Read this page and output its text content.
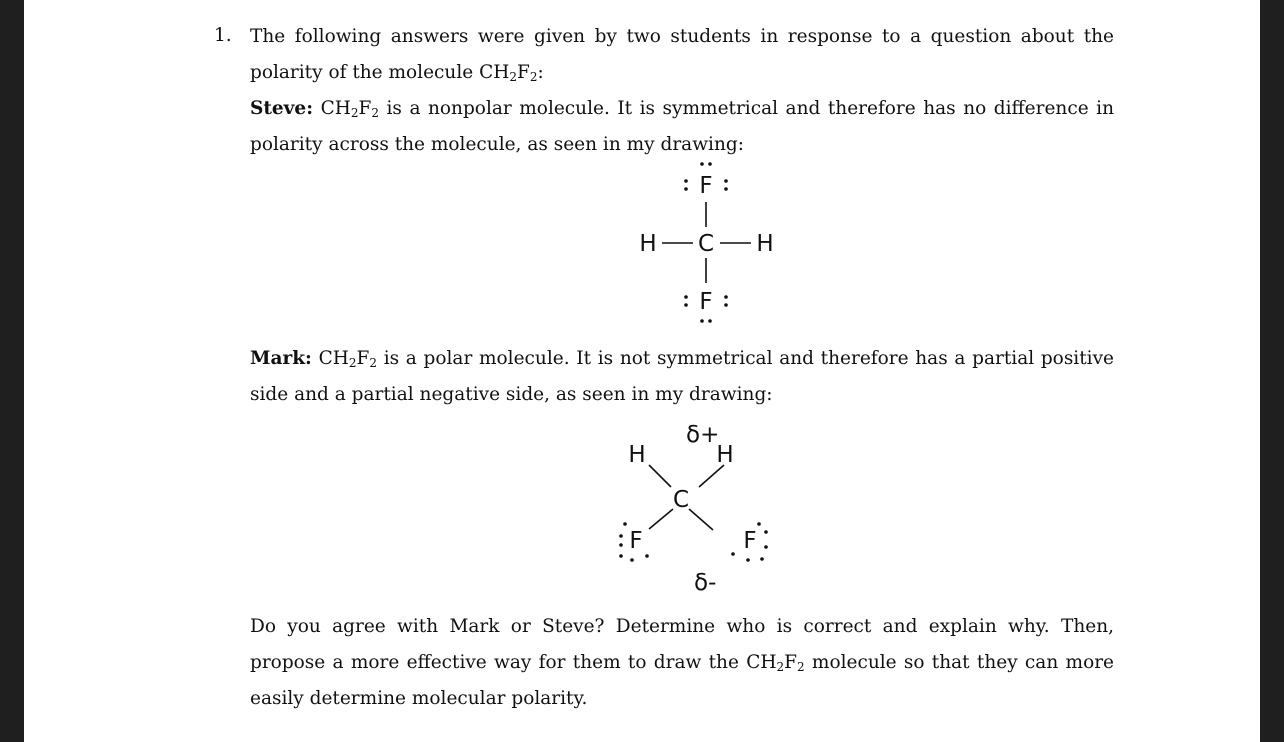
1. The following answers were given by two students in response to a question about the polarity of the molecule $CH_2F_2$:

Steve: $CH_2F_2$ is a nonpolar molecule. It is symmetrical and therefore has no difference in polarity across the molecule, as seen in my drawing:

F
C
H	H
F

Mark: $CH_2F_2$ is a polar molecule. It is not symmetrical and therefore has a partial positive side and a partial negative side, as seen in my drawing:

δ+
H	H
C
F	F
δ-

Do you agree with Mark or Steve? Determine who is correct and explain why. Then, propose a more effective way for them to draw the $CH_2F_2$ molecule so that they can more easily determine molecular polarity.
